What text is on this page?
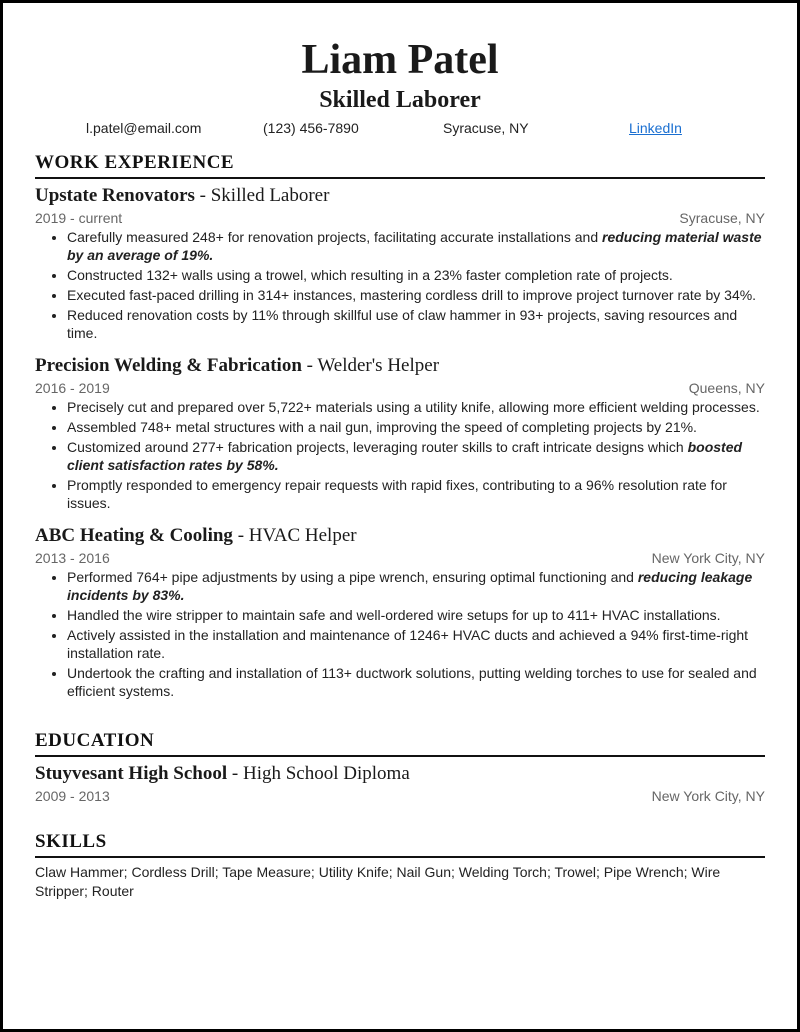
Liam Patel
Skilled Laborer
l.patel@email.com	(123) 456-7890	Syracuse, NY	LinkedIn
WORK EXPERIENCE
Upstate Renovators - Skilled Laborer
2019 - current	Syracuse, NY
• Carefully measured 248+ for renovation projects, facilitating accurate installations and reducing material waste by an average of 19%.
• Constructed 132+ walls using a trowel, which resulting in a 23% faster completion rate of projects.
• Executed fast-paced drilling in 314+ instances, mastering cordless drill to improve project turnover rate by 34%.
• Reduced renovation costs by 11% through skillful use of claw hammer in 93+ projects, saving resources and time.
Precision Welding & Fabrication - Welder's Helper
2016 - 2019	Queens, NY
• Precisely cut and prepared over 5,722+ materials using a utility knife, allowing more efficient welding processes.
• Assembled 748+ metal structures with a nail gun, improving the speed of completing projects by 21%.
• Customized around 277+ fabrication projects, leveraging router skills to craft intricate designs which boosted client satisfaction rates by 58%.
• Promptly responded to emergency repair requests with rapid fixes, contributing to a 96% resolution rate for issues.
ABC Heating & Cooling - HVAC Helper
2013 - 2016	New York City, NY
• Performed 764+ pipe adjustments by using a pipe wrench, ensuring optimal functioning and reducing leakage incidents by 83%.
• Handled the wire stripper to maintain safe and well-ordered wire setups for up to 411+ HVAC installations.
• Actively assisted in the installation and maintenance of 1246+ HVAC ducts and achieved a 94% first-time-right installation rate.
• Undertook the crafting and installation of 113+ ductwork solutions, putting welding torches to use for sealed and efficient systems.
EDUCATION
Stuyvesant High School - High School Diploma
2009 - 2013	New York City, NY
SKILLS
Claw Hammer; Cordless Drill; Tape Measure; Utility Knife; Nail Gun; Welding Torch; Trowel; Pipe Wrench; Wire Stripper; Router
